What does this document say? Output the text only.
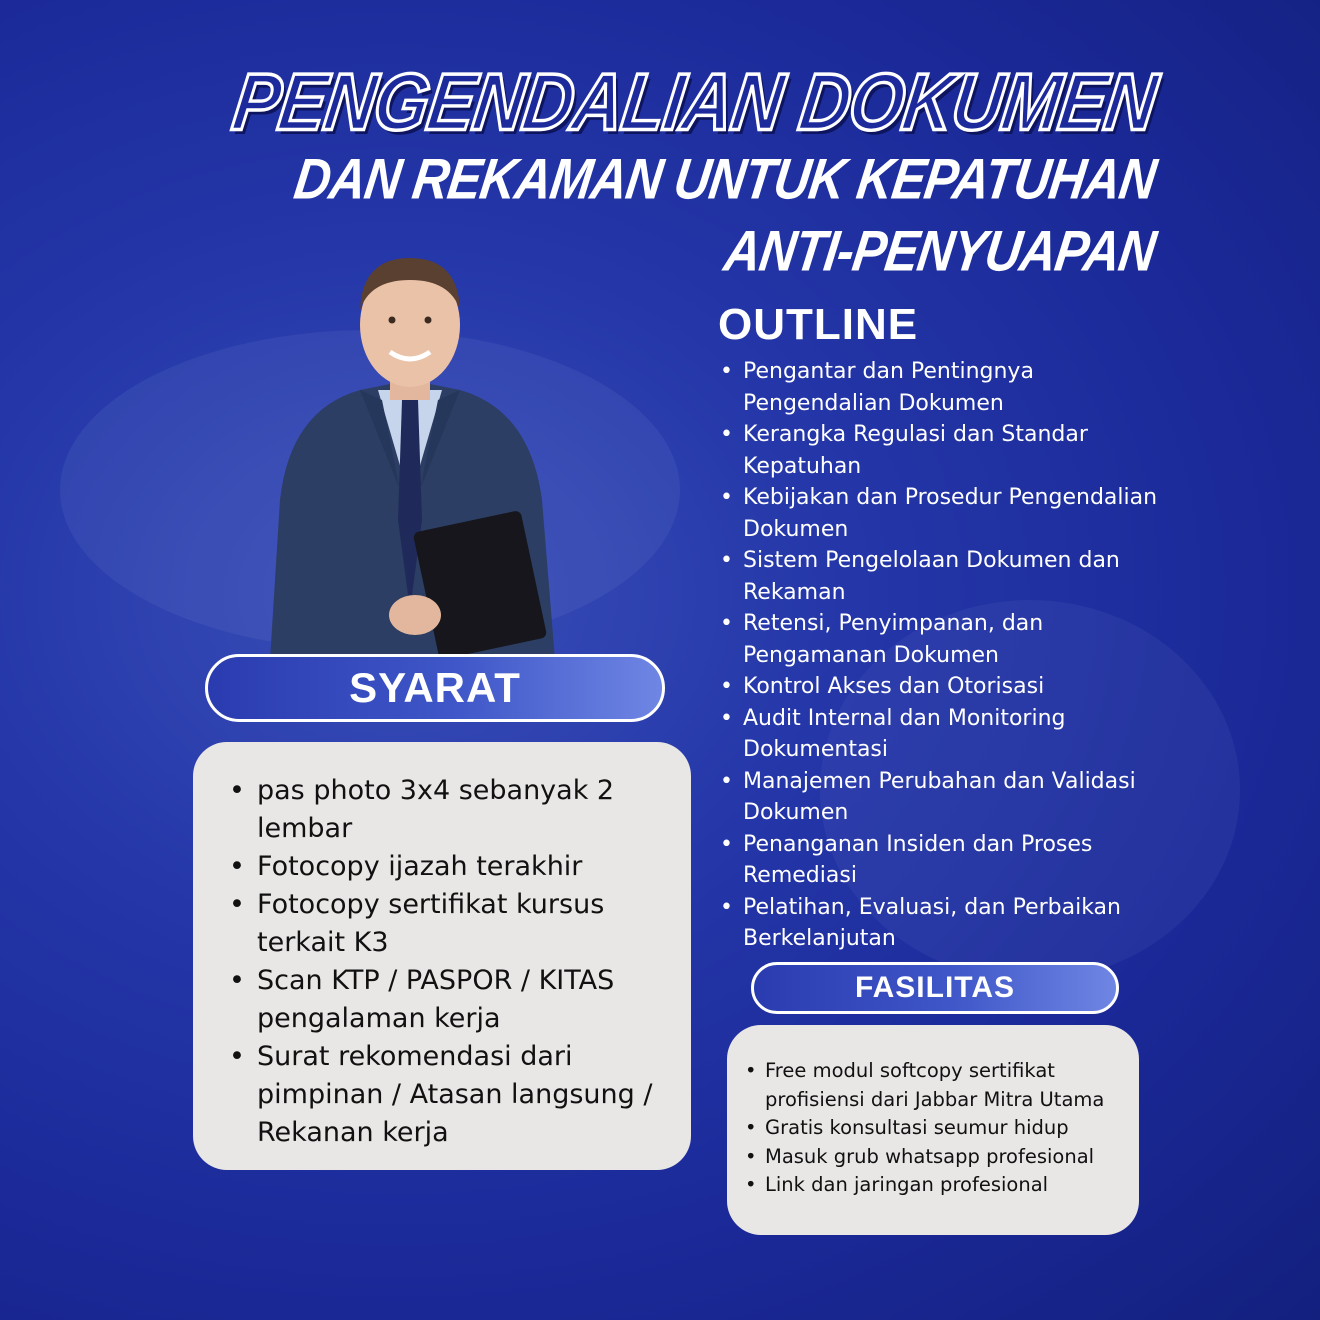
PENGENDALIAN DOKUMEN
DAN REKAMAN UNTUK KEPATUHAN
ANTI-PENYUAPAN
OUTLINE
• Pengantar dan Pentingnya Pengendalian Dokumen
• Kerangka Regulasi dan Standar Kepatuhan
• Kebijakan dan Prosedur Pengendalian Dokumen
• Sistem Pengelolaan Dokumen dan Rekaman
• Retensi, Penyimpanan, dan Pengamanan Dokumen
• Kontrol Akses dan Otorisasi
• Audit Internal dan Monitoring Dokumentasi
• Manajemen Perubahan dan Validasi Dokumen
• Penanganan Insiden dan Proses Remediasi
• Pelatihan, Evaluasi, dan Perbaikan Berkelanjutan
SYARAT
• pas photo 3x4 sebanyak 2 lembar
• Fotocopy ijazah terakhir
• Fotocopy sertifikat kursus terkait K3
• Scan KTP / PASPOR / KITAS pengalaman kerja
• Surat rekomendasi dari pimpinan / Atasan langsung / Rekanan kerja
FASILITAS
• Free modul softcopy sertifikat profisiensi dari Jabbar Mitra Utama
• Gratis konsultasi seumur hidup
• Masuk grub whatsapp profesional
• Link dan jaringan profesional
